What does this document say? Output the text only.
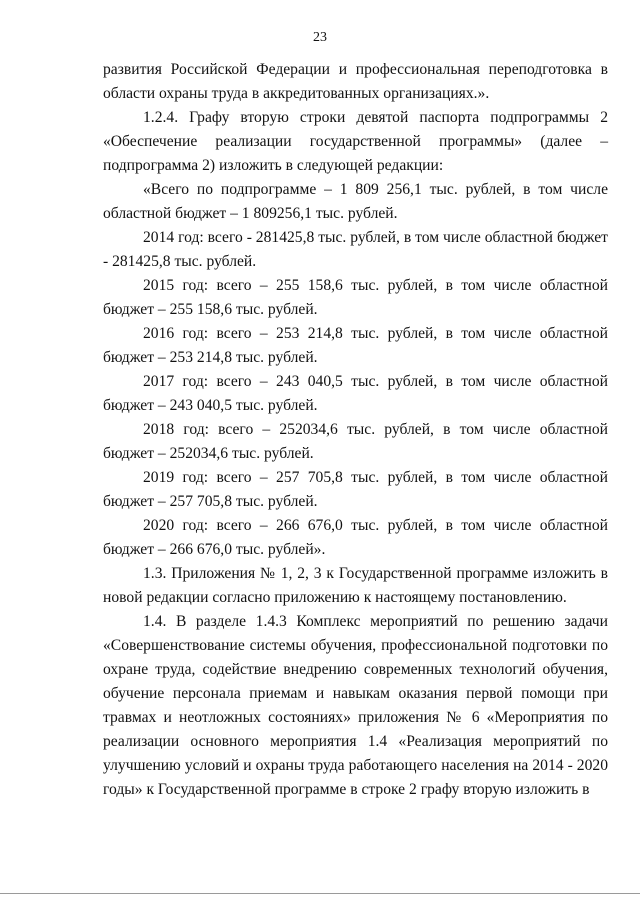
23

развития Российской Федерации и профессиональная переподготовка в области охраны труда в аккредитованных организациях.».

1.2.4. Графу вторую строки девятой паспорта подпрограммы 2 «Обеспечение реализации государственной программы» (далее – подпрограмма 2) изложить в следующей редакции:

«Всего по подпрограмме – 1 809 256,1 тыс. рублей, в том числе областной бюджет – 1 809256,1 тыс. рублей.

2014 год: всего - 281425,8 тыс. рублей, в том числе областной бюджет - 281425,8 тыс. рублей.

2015 год: всего – 255 158,6 тыс. рублей, в том числе областной бюджет – 255 158,6 тыс. рублей.

2016 год: всего – 253 214,8 тыс. рублей, в том числе областной бюджет – 253 214,8 тыс. рублей.

2017 год: всего – 243 040,5 тыс. рублей, в том числе областной бюджет – 243 040,5 тыс. рублей.

2018 год: всего – 252034,6 тыс. рублей, в том числе областной бюджет – 252034,6 тыс. рублей.

2019 год: всего – 257 705,8 тыс. рублей, в том числе областной бюджет – 257 705,8 тыс. рублей.

2020 год: всего – 266 676,0 тыс. рублей, в том числе областной бюджет – 266 676,0 тыс. рублей».

1.3. Приложения № 1, 2, 3 к Государственной программе изложить в новой редакции согласно приложению к настоящему постановлению.

1.4. В разделе 1.4.3 Комплекс мероприятий по решению задачи «Совершенствование системы обучения, профессиональной подготовки по охране труда, содействие внедрению современных технологий обучения, обучение персонала приемам и навыкам оказания первой помощи при травмах и неотложных состояниях» приложения № 6 «Мероприятия по реализации основного мероприятия 1.4 «Реализация мероприятий по улучшению условий и охраны труда работающего населения на 2014 - 2020 годы» к Государственной программе в строке 2 графу вторую изложить в
